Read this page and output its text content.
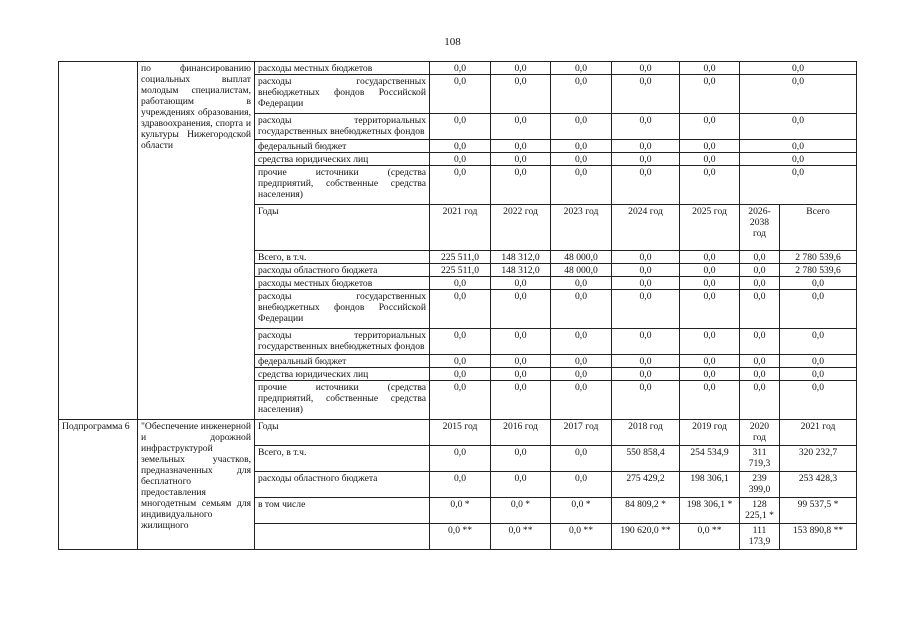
108
	по финансированию социальных выплат молодым специалистам, работающим в учреждениях образования, здравоохранения, спорта и культуры Нижегородской области	расходы местных бюджетов	0,0	0,0	0,0	0,0	0,0	0,0	
		расходы государственных внебюджетных фондов Российской Федерации	0,0	0,0	0,0	0,0	0,0	0,0	
		расходы территориальных государственных внебюджетных фондов	0,0	0,0	0,0	0,0	0,0	0,0	
		федеральный бюджет	0,0	0,0	0,0	0,0	0,0	0,0	
		средства юридических лиц	0,0	0,0	0,0	0,0	0,0	0,0	
		прочие источники (средства предприятий, собственные средства населения)	0,0	0,0	0,0	0,0	0,0	0,0	
		Годы	2021 год	2022 год	2023 год	2024 год	2025 год	2026-2038 год	Всего
		Всего, в т.ч.	225 511,0	148 312,0	48 000,0	0,0	0,0	0,0	2 780 539,6
		расходы областного бюджета	225 511,0	148 312,0	48 000,0	0,0	0,0	0,0	2 780 539,6
		расходы местных бюджетов	0,0	0,0	0,0	0,0	0,0	0,0	0,0
		расходы государственных внебюджетных фондов Российской Федерации	0,0	0,0	0,0	0,0	0,0	0,0	0,0
		расходы территориальных государственных внебюджетных фондов	0,0	0,0	0,0	0,0	0,0	0,0	0,0
		федеральный бюджет	0,0	0,0	0,0	0,0	0,0	0,0	0,0
		средства юридических лиц	0,0	0,0	0,0	0,0	0,0	0,0	0,0
		прочие источники (средства предприятий, собственные средства населения)	0,0	0,0	0,0	0,0	0,0	0,0	0,0
Подпрограмма 6	"Обеспечение инженерной и дорожной инфраструктурой земельных участков, предназначенных для бесплатного предоставления многодетным семьям для индивидуального жилищного	Годы	2015 год	2016 год	2017 год	2018 год	2019 год	2020 год	2021 год
		Всего, в т.ч.	0,0	0,0	0,0	550 858,4	254 534,9	311 719,3	320 232,7
		расходы областного бюджета	0,0	0,0	0,0	275 429,2	198 306,1	239 399,0	253 428,3
		в том числе	0,0 *	0,0 *	0,0 *	84 809,2 *	198 306,1 *	128 225,1 *	99 537,5 *
			0,0 **	0,0 **	0,0 **	190 620,0 **	0,0 **	111 173,9	153 890,8 **
